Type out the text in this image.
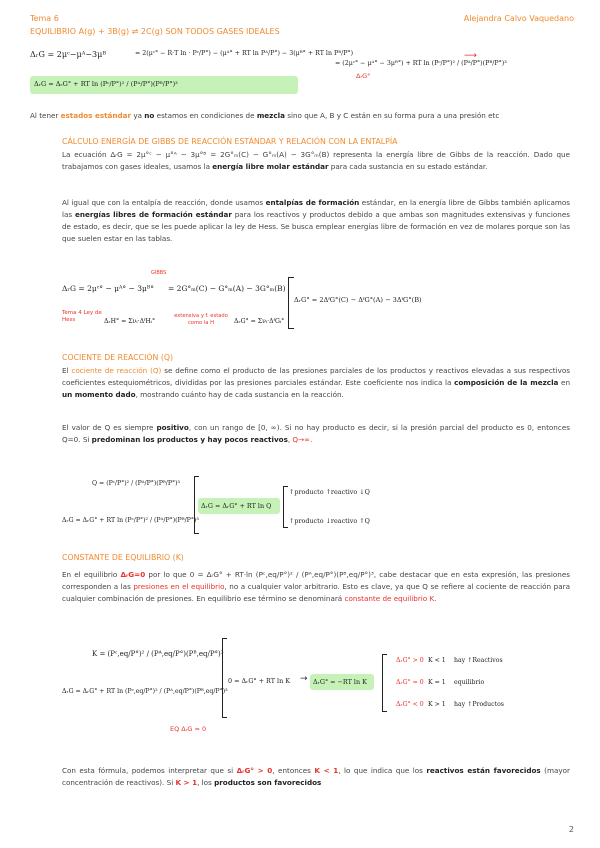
Tema 6	Alejandra Calvo Vaquedano
EQUILIBRIO A(g) + 3B(g) ⇌ 2C(g) SON TODOS GASES IDEALES
ΔᵣG = 2μᶜ−μᴬ−3μᴮ	= 2(μᶜ° − R·T ln · Pᶜ/P°) − (μᴬ° + RT ln Pᴬ/P°) − 3(μᴮ° + RT ln Pᴮ/P°)
= (2μᶜ° − μᴬ° − 3μᴮ°) + RT ln (Pᶜ/P°)² / (Pᴬ/P°)(Pᴮ/P°)³
ΔᵣG°
⟶
ΔᵣG = ΔᵣG° + RT ln (Pᶜ/P°)² / (Pᴬ/P°)(Pᴮ/P°)³
Al tener estados estándar ya no estamos en condiciones de mezcla sino que A, B y C están en su forma pura a una presión etc
CÁLCULO ENERGÍA DE GIBBS DE REACCIÓN ESTÁNDAR Y RELACIÓN CON LA ENTALPÍA
La ecuación ΔᵣG = 2μ°ᶜ − μ°ᴬ − 3μ°ᴮ = 2G°ₘ(C) − G°ₘ(A) − 3G°ₘ(B) representa la energía libre de Gibbs de la reacción. Dado que trabajamos con gases ideales, usamos la energía libre molar estándar para cada sustancia en su estado estándar.
Al igual que con la entalpía de reacción, donde usamos entalpías de formación estándar, en la energía libre de Gibbs también aplicamos las energías libres de formación estándar para los reactivos y productos debido a que ambas son magnitudes extensivas y funciones de estado, es decir, que se les puede aplicar la ley de Hess. Se busca emplear energías libre de formación en vez de molares porque son las que suelen estar en las tablas.
GIBBS
ΔᵣG = 2μᶜ° − μᴬ° − 3μᴮ° = 2G°ₘ(C) − G°ₘ(A) − 3G°ₘ(B)
ΔᵣG° = 2ΔᶠG°(C) − ΔᶠG°(A) − 3ΔᶠG°(B)
Tema 4 Ley de Hess	ΔᵣH° = Σνᵢ·ΔᶠHᵢ°
extensiva y f. estado como la H	ΔᵣG° = Σνᵢ·ΔᶠGᵢ°
COCIENTE DE REACCIÓN (Q)
El cociente de reacción (Q) se define como el producto de las presiones parciales de los productos y reactivos elevadas a sus respectivos coeficientes estequiométricos, divididas por las presiones parciales estándar. Este coeficiente nos indica la composición de la mezcla en un momento dado, mostrando cuánto hay de cada sustancia en la reacción.
El valor de Q es siempre positivo, con un rango de [0, ∞). Si no hay producto es decir, si la presión parcial del producto es 0, entonces Q=0. Si predominan los productos y hay pocos reactivos, Q→∞.
Q = (Pᶜ/P°)² / (Pᴬ/P°)(Pᴮ/P°)³
ΔᵣG = ΔᵣG° + RT ln (Pᶜ/P°)² / (Pᴬ/P°)(Pᴮ/P°)³
ΔᵣG = ΔᵣG° + RT ln Q
↑producto ↑reactivo ↓Q
↑producto ↓reactivo ↑Q
CONSTANTE DE EQUILIBRIO (K)
En el equilibrio ΔᵣG=0 por lo que 0 = ΔᵣG° + RT·ln (Pᶜ,eq/P°)² / (Pᴬ,eq/P°)(Pᴮ,eq/P°)³, cabe destacar que en esta expresión, las presiones corresponden a las presiones en el equilibrio, no a cualquier valor arbitrario. Esto es clave, ya que Q se refiere al cociente de reacción para cualquier combinación de presiones. En equilibrio ese término se denominará constante de equilibrio K.
K = (Pᶜ,eq/P°)² / (Pᴬ,eq/P°)(Pᴮ,eq/P°)³
ΔᵣG = ΔᵣG° + RT ln (Pᶜ,eq/P°)² / (Pᴬ,eq/P°)(Pᴮ,eq/P°)³
EQ ΔᵣG = 0
0 = ΔᵣG° + RT ln K → ΔᵣG° = −RT ln K
ΔᵣG° > 0 K < 1 hay ↑Reactivos
ΔᵣG° = 0 K = 1 equilibrio
ΔᵣG° < 0 K > 1 hay ↑Productos
Con esta fórmula, podemos interpretar que si ΔᵣG° > 0, entonces K < 1, lo que indica que los reactivos están favorecidos (mayor concentración de reactivos). Si K > 1, los productos son favorecidos
2
